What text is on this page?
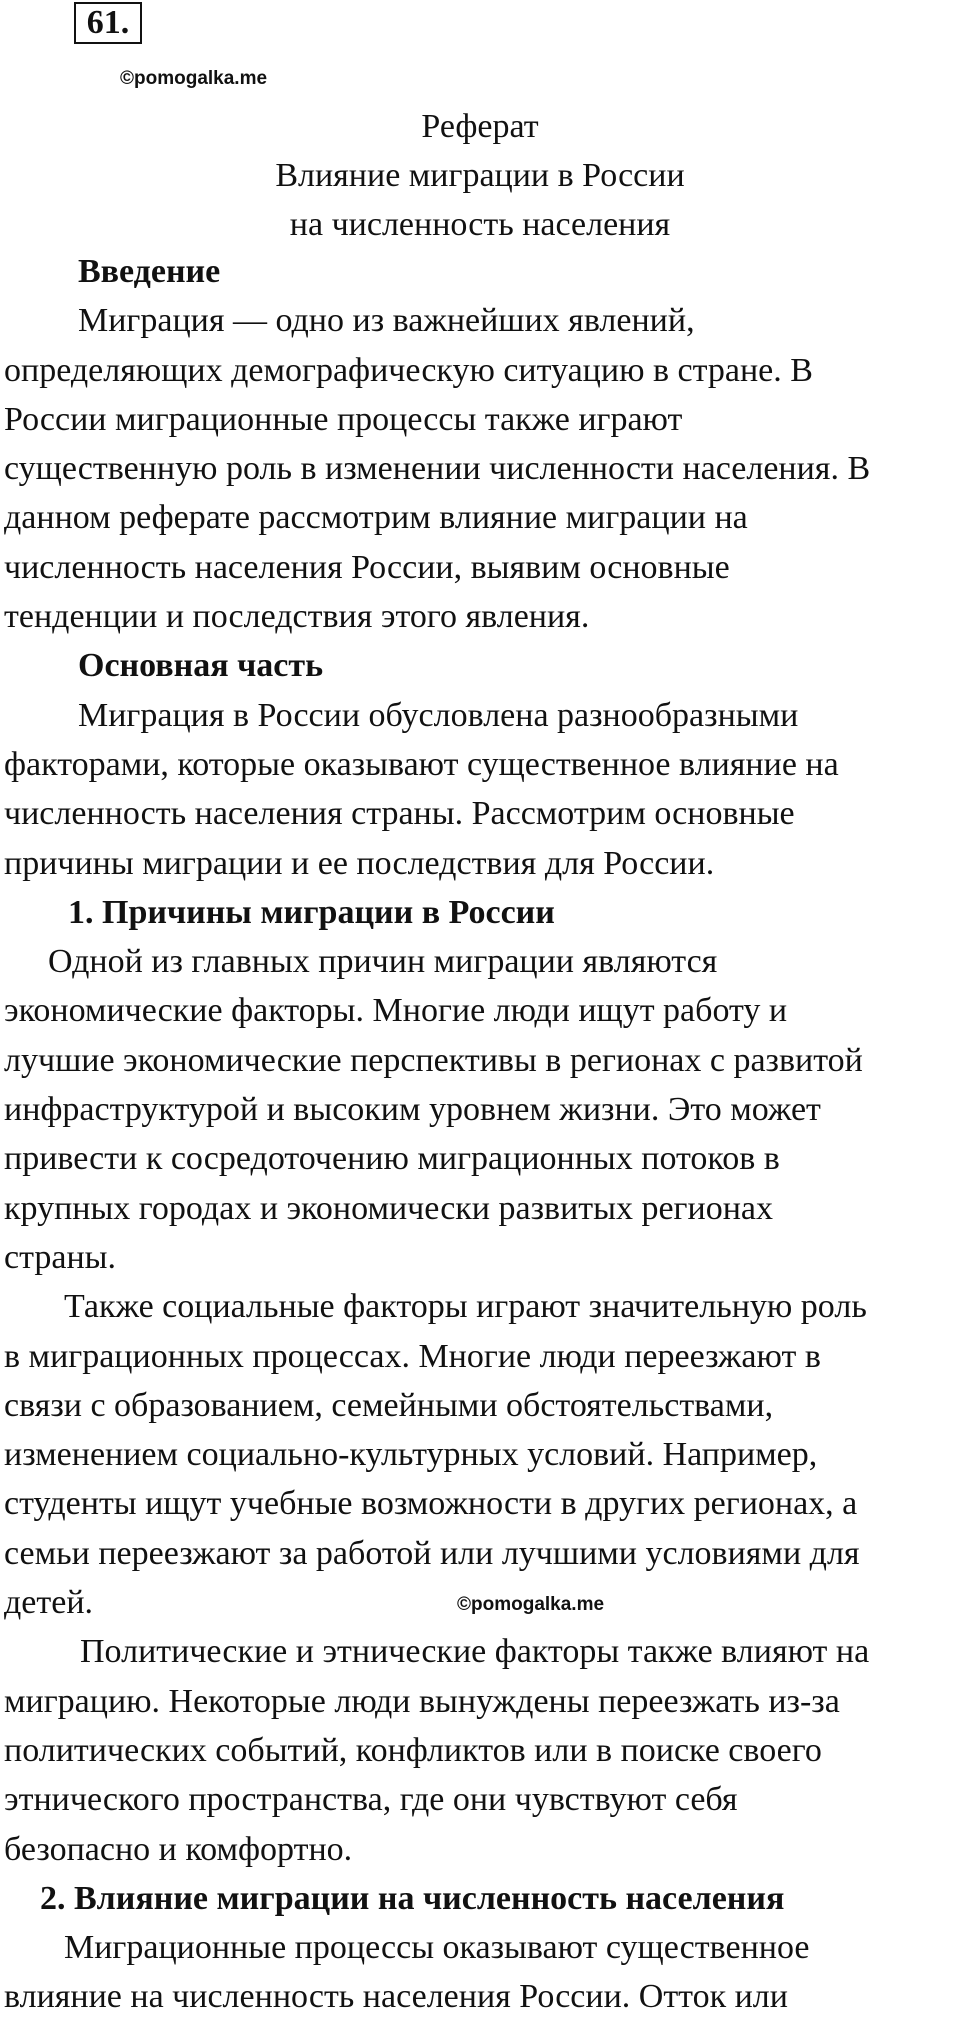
61.
©pomogalka.me
Реферат
Влияние миграции в России
на численность населения
Введение
Миграция — одно из важнейших явлений,
определяющих демографическую ситуацию в стране. В
России миграционные процессы также играют
существенную роль в изменении численности населения. В
данном реферате рассмотрим влияние миграции на
численность населения России, выявим основные
тенденции и последствия этого явления.
Основная часть
Миграция в России обусловлена разнообразными
факторами, которые оказывают существенное влияние на
численность населения страны. Рассмотрим основные
причины миграции и ее последствия для России.
1. Причины миграции в России
Одной из главных причин миграции являются
экономические факторы. Многие люди ищут работу и
лучшие экономические перспективы в регионах с развитой
инфраструктурой и высоким уровнем жизни. Это может
привести к сосредоточению миграционных потоков в
крупных городах и экономически развитых регионах
страны.
Также социальные факторы играют значительную роль
в миграционных процессах. Многие люди переезжают в
связи с образованием, семейными обстоятельствами,
изменением социально-культурных условий. Например,
студенты ищут учебные возможности в других регионах, а
семьи переезжают за работой или лучшими условиями для
детей.
Политические и этнические факторы также влияют на
миграцию. Некоторые люди вынуждены переезжать из-за
политических событий, конфликтов или в поиске своего
этнического пространства, где они чувствуют себя
безопасно и комфортно.
2. Влияние миграции на численность населения
Миграционные процессы оказывают существенное
влияние на численность населения России. Отток или
©pomogalka.me
